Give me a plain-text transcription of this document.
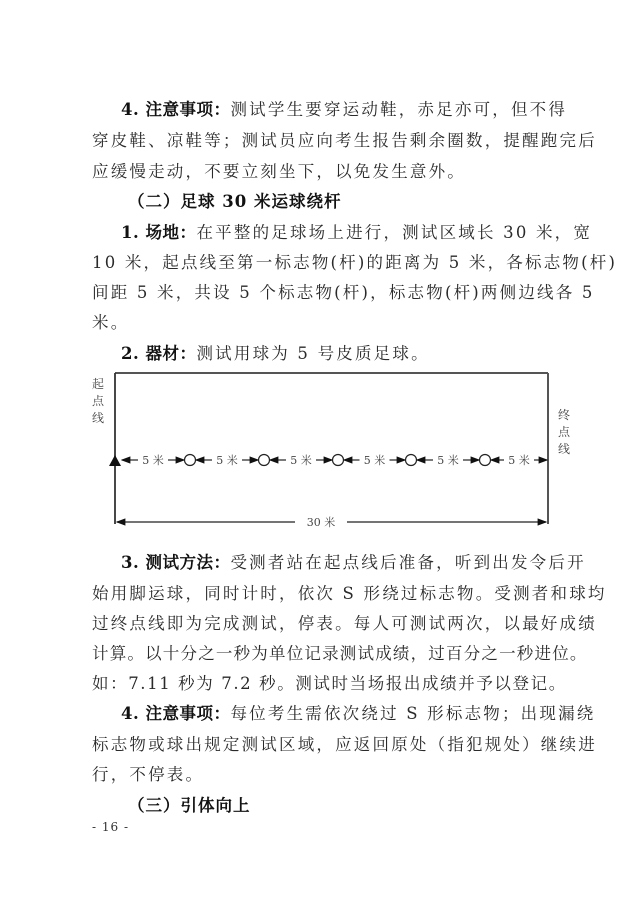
4. 注意事项：测试学生要穿运动鞋，赤足亦可，但不得
穿皮鞋、凉鞋等；测试员应向考生报告剩余圈数，提醒跑完后
应缓慢走动，不要立刻坐下，以免发生意外。
（二）足球 30 米运球绕杆
1. 场地：在平整的足球场上进行，测试区域长 30 米，宽
10 米，起点线至第一标志物(杆)的距离为 5 米，各标志物(杆)
间距 5 米，共设 5 个标志物(杆)，标志物(杆)两侧边线各 5
米。
2. 器材：测试用球为 5 号皮质足球。
起
点
线	终
点
线
5 米	5 米	5 米	5 米	5 米	5 米
30 米
3. 测试方法：受测者站在起点线后准备，听到出发令后开
始用脚运球，同时计时，依次 S 形绕过标志物。受测者和球均
过终点线即为完成测试，停表。每人可测试两次，以最好成绩
计算。以十分之一秒为单位记录测试成绩，过百分之一秒进位。
如：7.11 秒为 7.2 秒。测试时当场报出成绩并予以登记。
4. 注意事项：每位考生需依次绕过 S 形标志物；出现漏绕
标志物或球出规定测试区域，应返回原处（指犯规处）继续进
行，不停表。
（三）引体向上
- 16 -
